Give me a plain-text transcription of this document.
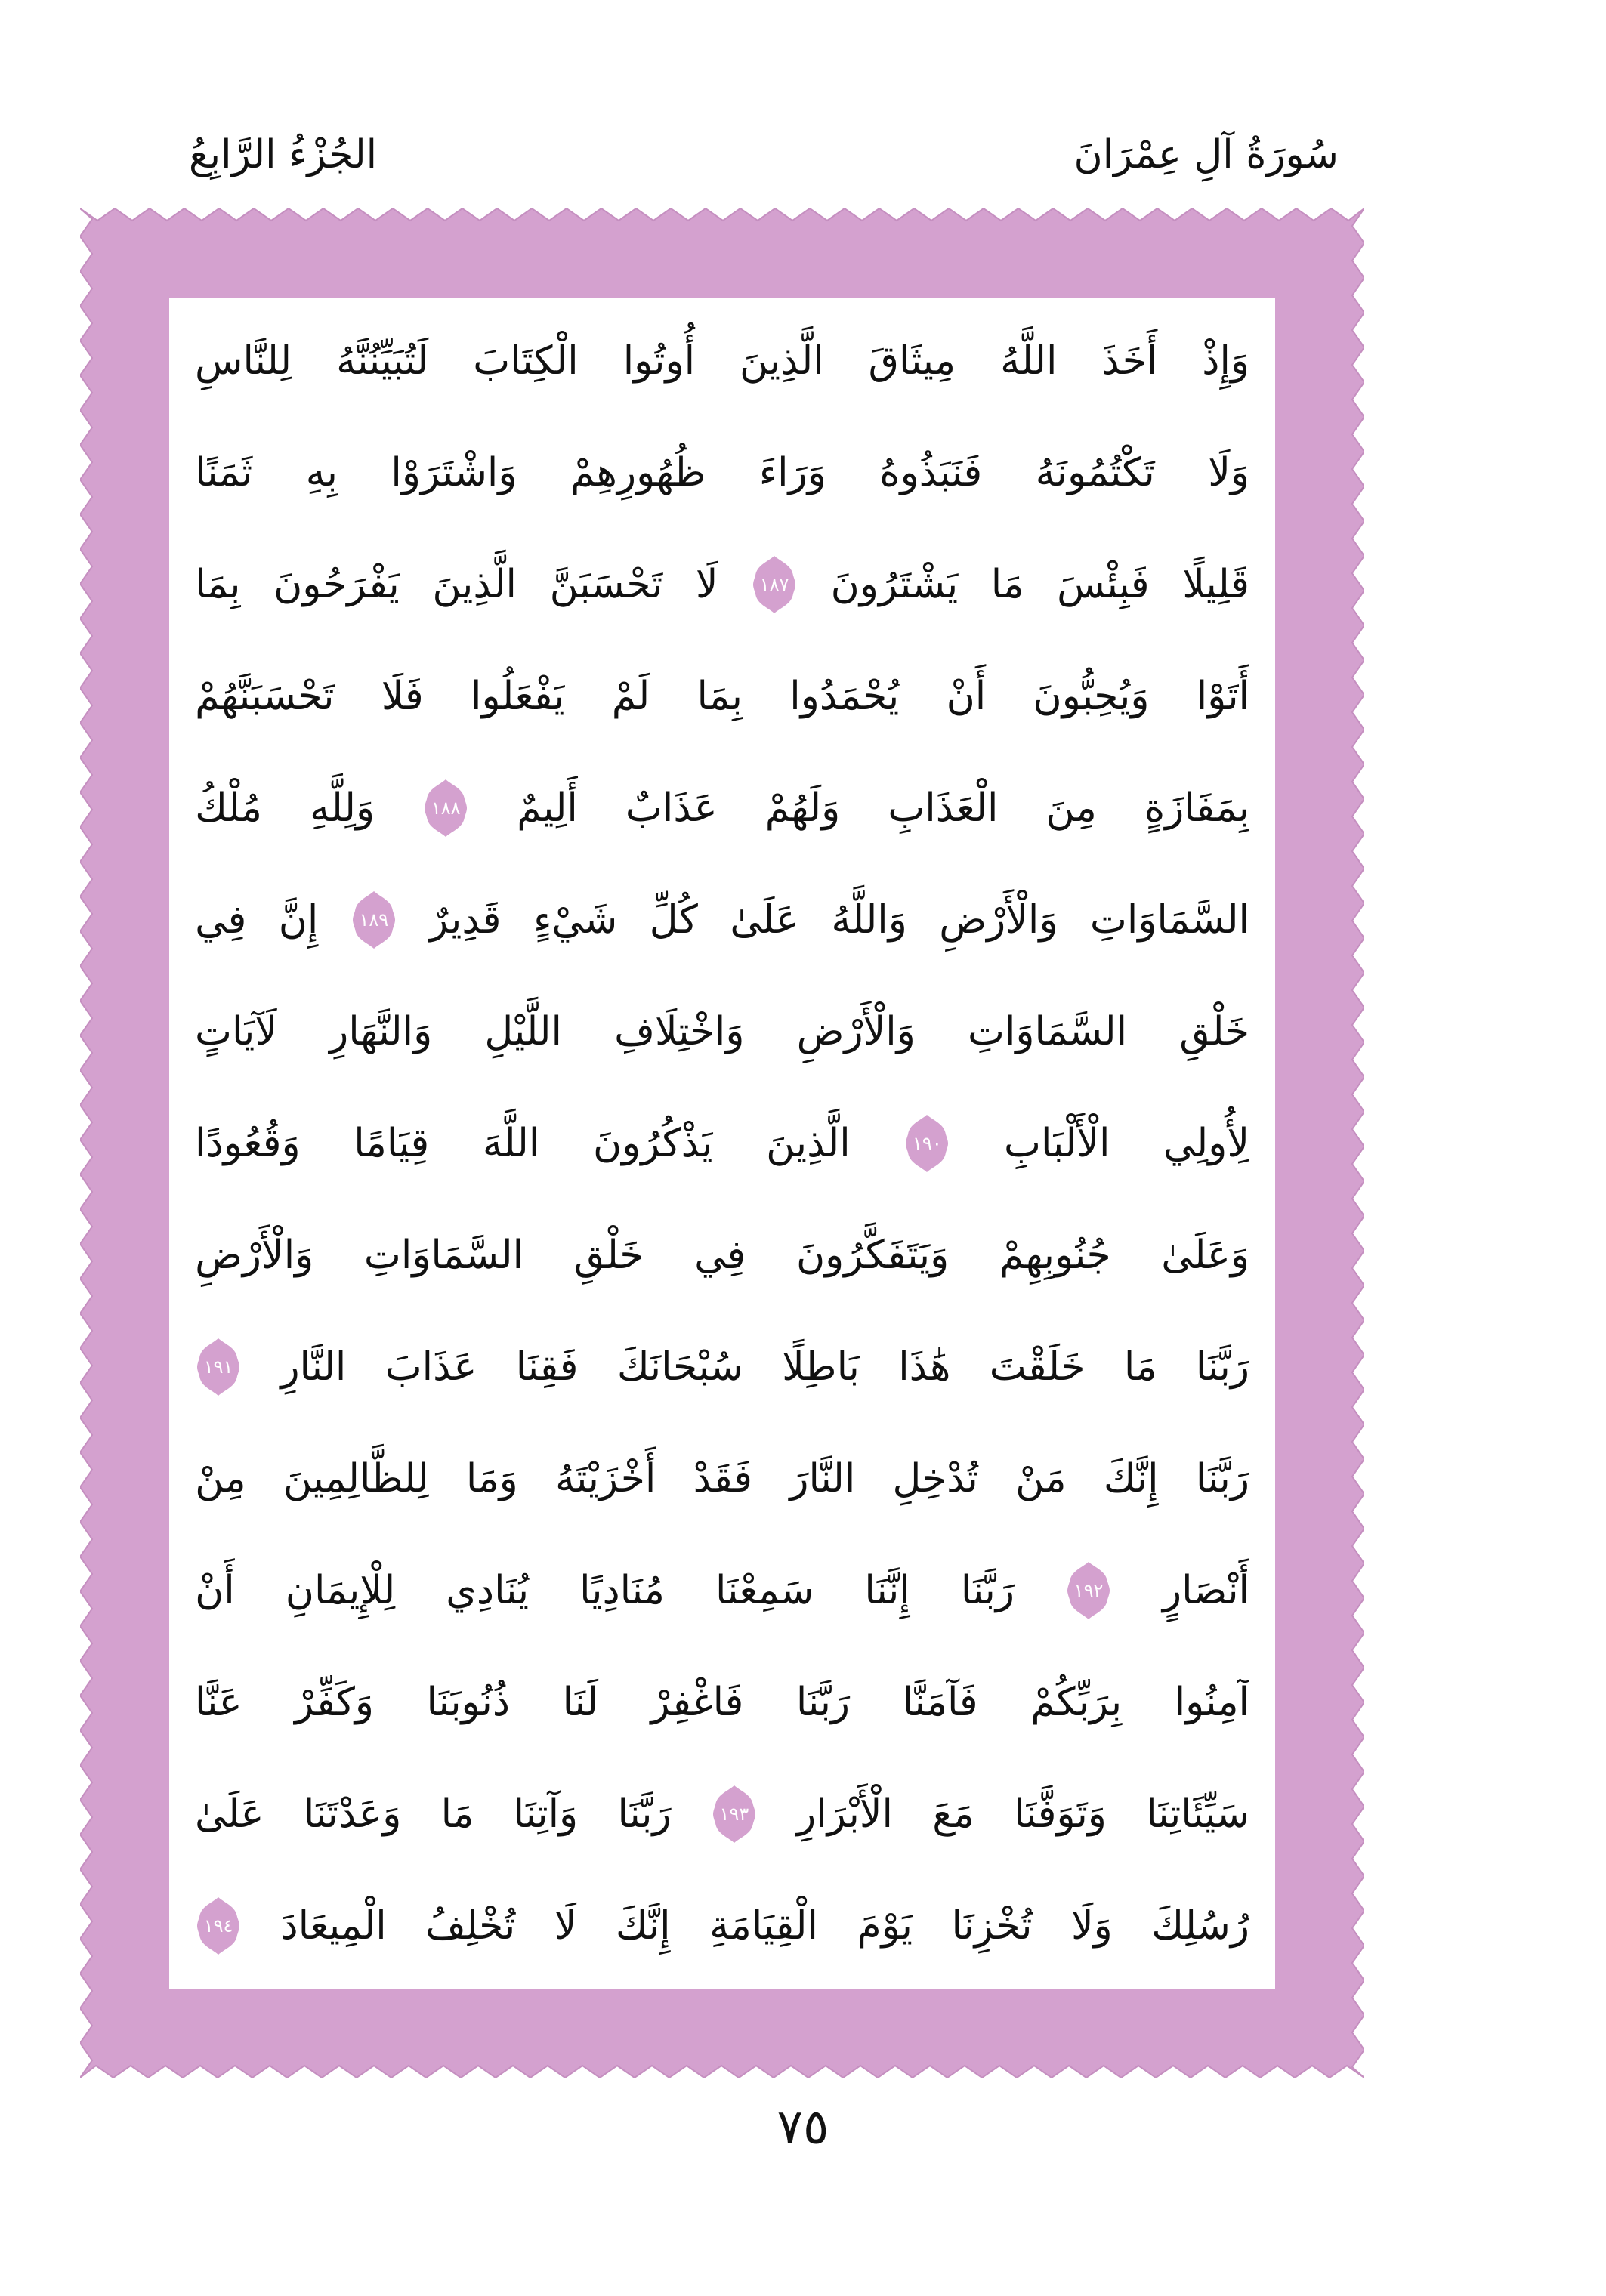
سُورَةُ آلِ عِمْرَانَ
الجُزْءُ الرَّابِعُ
وَإِذْ
أَخَذَ
اللَّهُ
مِيثَاقَ
الَّذِينَ
أُوتُوا
الْكِتَابَ
لَتُبَيِّنُنَّهُ
لِلنَّاسِ
وَلَا
تَكْتُمُونَهُ
فَنَبَذُوهُ
وَرَاءَ
ظُهُورِهِمْ
وَاشْتَرَوْا
بِهِ
ثَمَنًا
قَلِيلًا
فَبِئْسَ
مَا
يَشْتَرُونَ
١٨٧
لَا
تَحْسَبَنَّ
الَّذِينَ
يَفْرَحُونَ
بِمَا
أَتَوْا
وَيُحِبُّونَ
أَنْ
يُحْمَدُوا
بِمَا
لَمْ
يَفْعَلُوا
فَلَا
تَحْسَبَنَّهُمْ
بِمَفَازَةٍ
مِنَ
الْعَذَابِ
وَلَهُمْ
عَذَابٌ
أَلِيمٌ
١٨٨
وَلِلَّهِ
مُلْكُ
السَّمَاوَاتِ
وَالْأَرْضِ
وَاللَّهُ
عَلَىٰ
كُلِّ
شَيْءٍ
قَدِيرٌ
١٨٩
إِنَّ
فِي
خَلْقِ
السَّمَاوَاتِ
وَالْأَرْضِ
وَاخْتِلَافِ
اللَّيْلِ
وَالنَّهَارِ
لَآيَاتٍ
لِأُولِي
الْأَلْبَابِ
١٩٠
الَّذِينَ
يَذْكُرُونَ
اللَّهَ
قِيَامًا
وَقُعُودًا
وَعَلَىٰ
جُنُوبِهِمْ
وَيَتَفَكَّرُونَ
فِي
خَلْقِ
السَّمَاوَاتِ
وَالْأَرْضِ
رَبَّنَا
مَا
خَلَقْتَ
هَٰذَا
بَاطِلًا
سُبْحَانَكَ
فَقِنَا
عَذَابَ
النَّارِ
١٩١
رَبَّنَا
إِنَّكَ
مَنْ
تُدْخِلِ
النَّارَ
فَقَدْ
أَخْزَيْتَهُ
وَمَا
لِلظَّالِمِينَ
مِنْ
أَنْصَارٍ
١٩٢
رَبَّنَا
إِنَّنَا
سَمِعْنَا
مُنَادِيًا
يُنَادِي
لِلْإِيمَانِ
أَنْ
آمِنُوا
بِرَبِّكُمْ
فَآمَنَّا
رَبَّنَا
فَاغْفِرْ
لَنَا
ذُنُوبَنَا
وَكَفِّرْ
عَنَّا
سَيِّئَاتِنَا
وَتَوَفَّنَا
مَعَ
الْأَبْرَارِ
١٩٣
رَبَّنَا
وَآتِنَا
مَا
وَعَدْتَنَا
عَلَىٰ
رُسُلِكَ
وَلَا
تُخْزِنَا
يَوْمَ
الْقِيَامَةِ
إِنَّكَ
لَا
تُخْلِفُ
الْمِيعَادَ
١٩٤
٧٥
